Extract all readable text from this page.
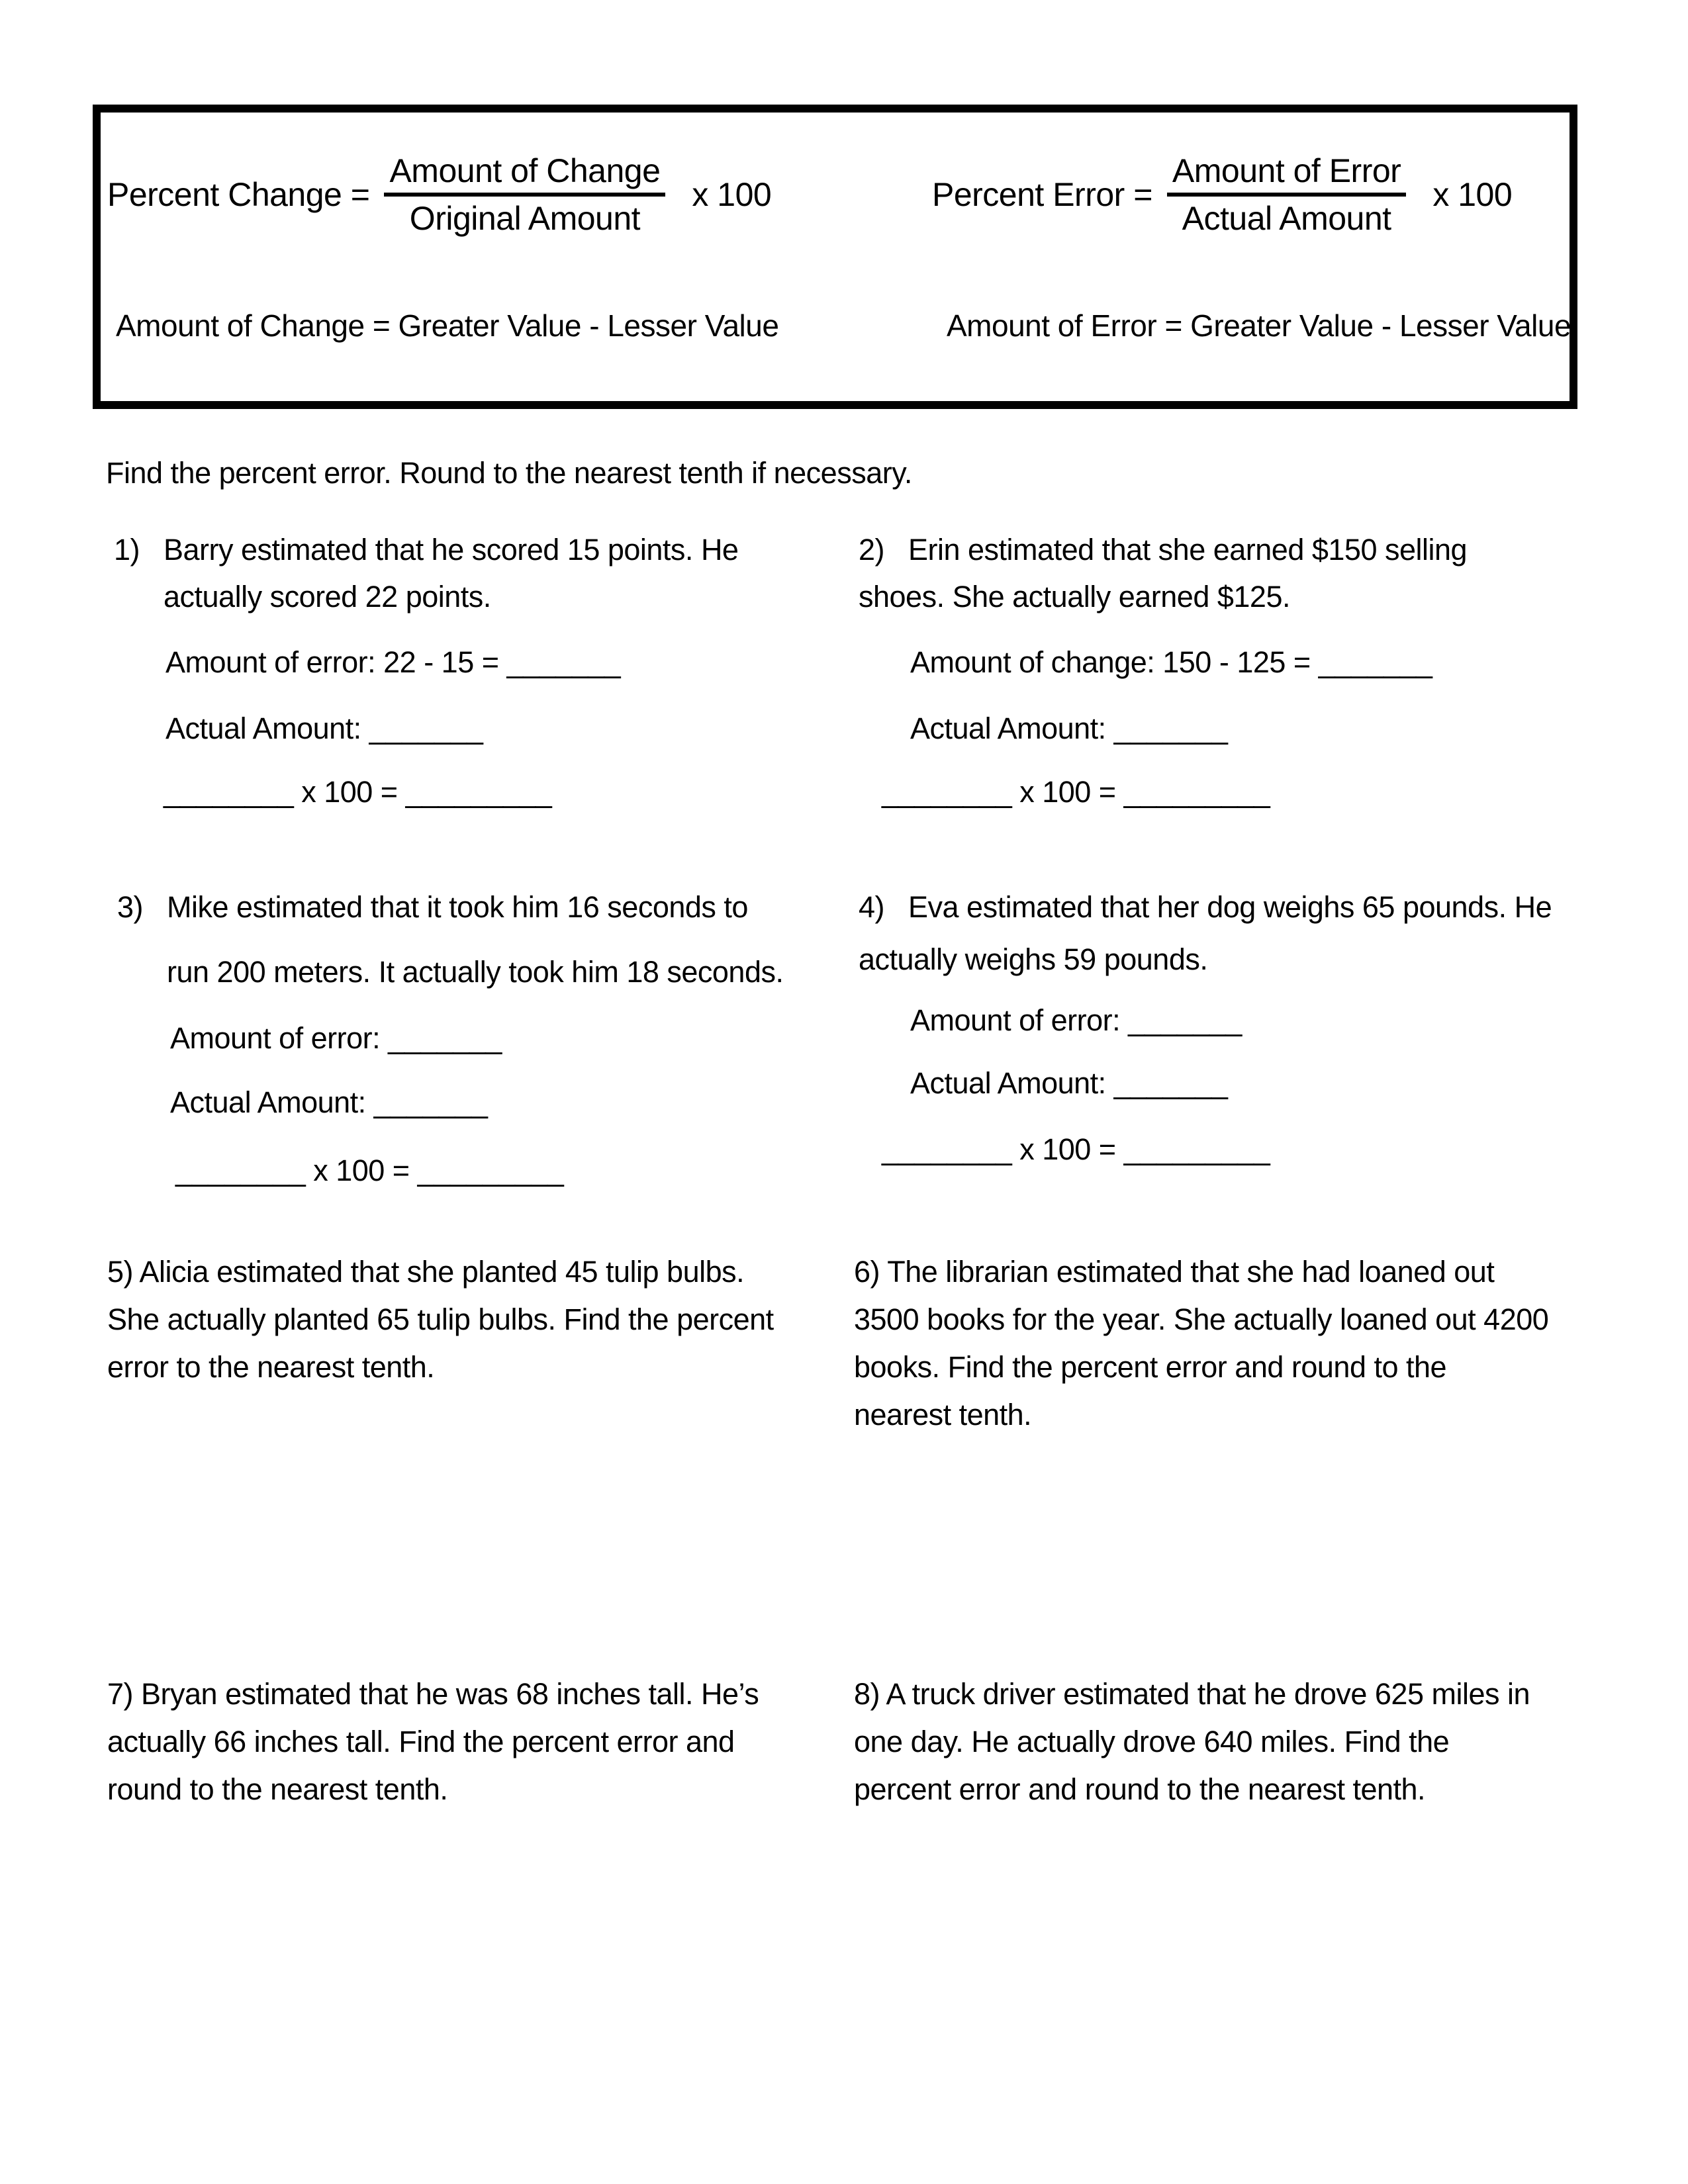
Percent Change = $\frac{\text{Amount of Change}}{\text{Original Amount}}$ x 100	Percent Error = $\frac{\text{Amount of Error}}{\text{Actual Amount}}$ x 100
Amount of Change = Greater Value - Lesser Value	Amount of Error = Greater Value - Lesser Value
Find the percent error. Round to the nearest tenth if necessary.
1) Barry estimated that he scored 15 points. He
actually scored 22 points.
Amount of error: 22 - 15 = _______
Actual Amount: _______
________ x 100 = _________
2) Erin estimated that she earned $150 selling
shoes. She actually earned $125.
Amount of change: 150 - 125 = _______
Actual Amount: _______
________ x 100 = _________
3) Mike estimated that it took him 16 seconds to
run 200 meters. It actually took him 18 seconds.
Amount of error: _______
Actual Amount: _______
________ x 100 = _________
4) Eva estimated that her dog weighs 65 pounds. He
actually weighs 59 pounds.
Amount of error: _______
Actual Amount: _______
________ x 100 = _________
5) Alicia estimated that she planted 45 tulip bulbs.
She actually planted 65 tulip bulbs. Find the percent
error to the nearest tenth.
6) The librarian estimated that she had loaned out
3500 books for the year. She actually loaned out 4200
books. Find the percent error and round to the
nearest tenth.
7) Bryan estimated that he was 68 inches tall. He’s
actually 66 inches tall. Find the percent error and
round to the nearest tenth.
8) A truck driver estimated that he drove 625 miles in
one day. He actually drove 640 miles. Find the
percent error and round to the nearest tenth.
